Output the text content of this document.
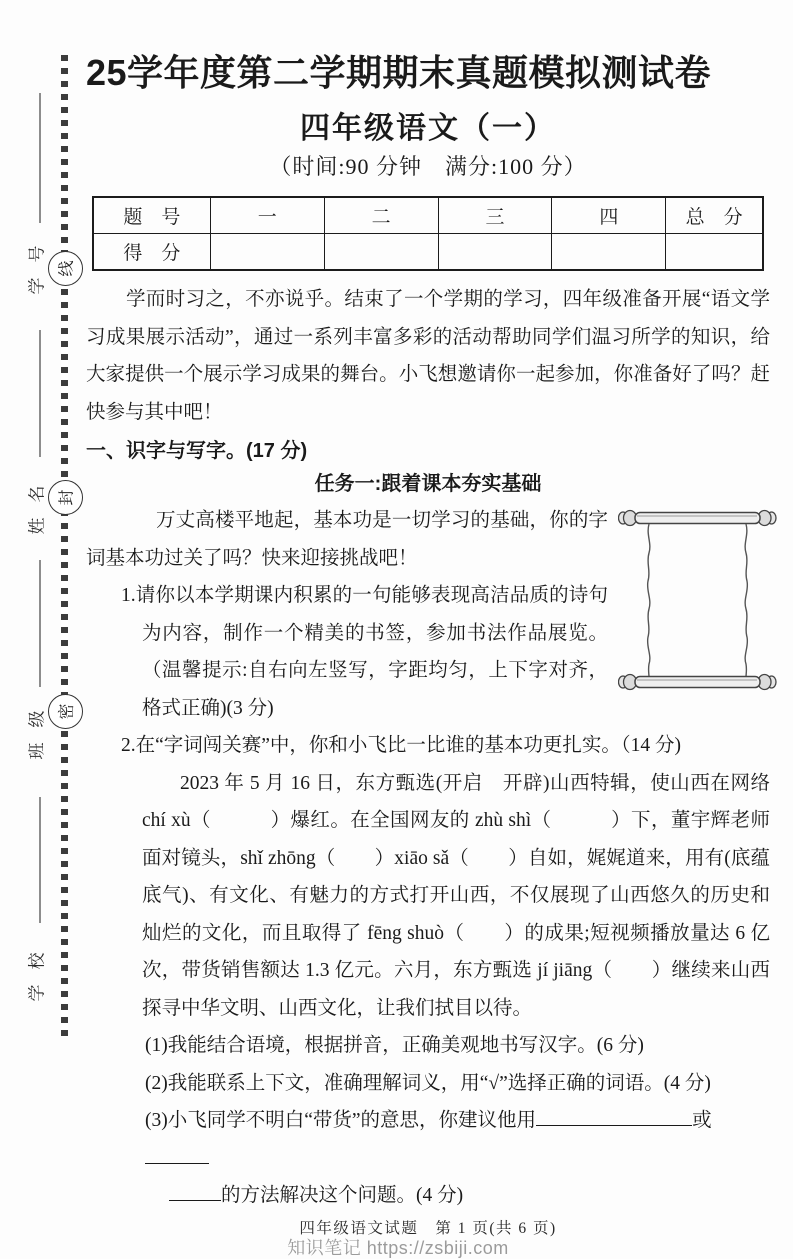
学号
姓名
班级
学校
线
封
密
25学年度第二学期期末真题模拟测试卷
四年级语文（一）
（时间:90 分钟　满分:100 分）
题　号	一	二	三	四	总　分
得　分					

学而时习之，不亦说乎。结束了一个学期的学习，四年级准备开展“语文学习成果展示活动”，通过一系列丰富多彩的活动帮助同学们温习所学的知识，给大家提供一个展示学习成果的舞台。小飞想邀请你一起参加，你准备好了吗？赶快参与其中吧！

一、识字与写字。(17 分)
任务一:跟着课本夯实基础

万丈高楼平地起，基本功是一切学习的基础，你的字词基本功过关了吗？快来迎接挑战吧！

1.请你以本学期课内积累的一句能够表现高洁品质的诗句为内容，制作一个精美的书签，参加书法作品展览。（温馨提示:自右向左竖写，字距均匀，上下字对齐，格式正确)(3 分)

2.在“字词闯关赛”中，你和小飞比一比谁的基本功更扎实。（14 分)

2023 年 5 月 16 日，东方甄选(开启　开辟)山西特辑，使山西在网络 chí xù（　　　）爆红。在全国网友的 zhù shì（　　　）下，董宇辉老师面对镜头，shǐ zhōng（　　）xiāo sǎ（　　）自如，娓娓道来，用有(底蕴　底气)、有文化、有魅力的方式打开山西，不仅展现了山西悠久的历史和灿烂的文化，而且取得了 fēng shuò（　　）的成果;短视频播放量达 6 亿次，带货销售额达 1.3 亿元。六月，东方甄选 jí jiāng（　　）继续来山西探寻中华文明、山西文化，让我们拭目以待。

(1)我能结合语境，根据拼音，正确美观地书写汉字。(6 分)

(2)我能联系上下文，准确理解词义，用“√”选择正确的词语。(4 分)

(3)小飞同学不明白“带货”的意思，你建议他用	或
的方法解决这个问题。(4 分)

四年级语文试题　第 1 页(共 6 页)
知识笔记 https://zsbiji.com
